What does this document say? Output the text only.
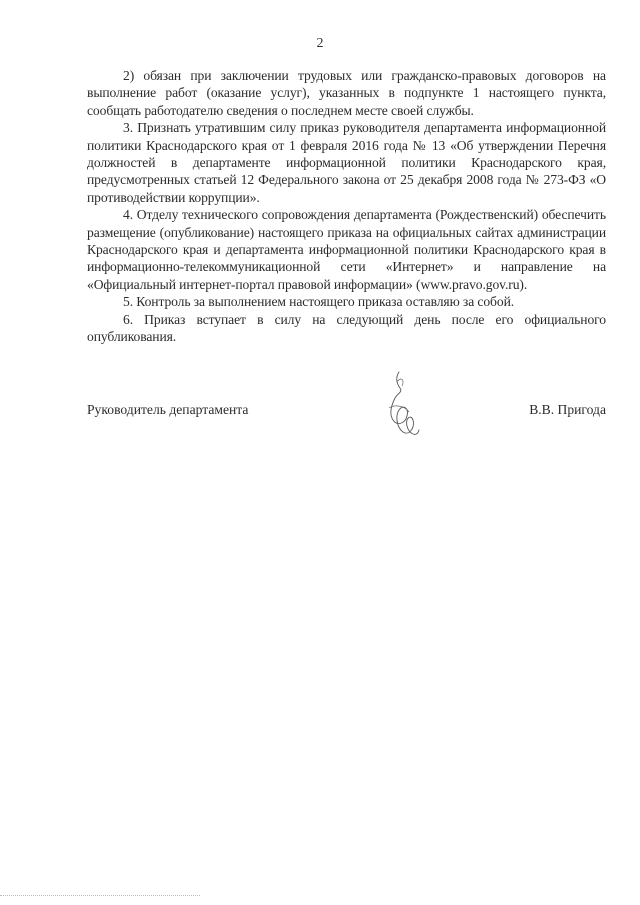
2

2) обязан при заключении трудовых или гражданско-правовых договоров на выполнение работ (оказание услуг), указанных в подпункте 1 настоящего пункта, сообщать работодателю сведения о последнем месте своей службы.

3. Признать утратившим силу приказ руководителя департамента информационной политики Краснодарского края от 1 февраля 2016 года № 13 «Об утверждении Перечня должностей в департаменте информационной политики Краснодарского края, предусмотренных статьей 12 Федерального закона от 25 декабря 2008 года № 273-ФЗ «О противодействии коррупции».

4. Отделу технического сопровождения департамента (Рождественский) обеспечить размещение (опубликование) настоящего приказа на официальных сайтах администрации Краснодарского края и департамента информационной политики Краснодарского края в информационно-телекоммуникационной сети «Интернет» и направление на «Официальный интернет-портал правовой информации» (www.pravo.gov.ru).

5. Контроль за выполнением настоящего приказа оставляю за собой.

6. Приказ вступает в силу на следующий день после его официального опубликования.

Руководитель департамента	В.В. Пригода
